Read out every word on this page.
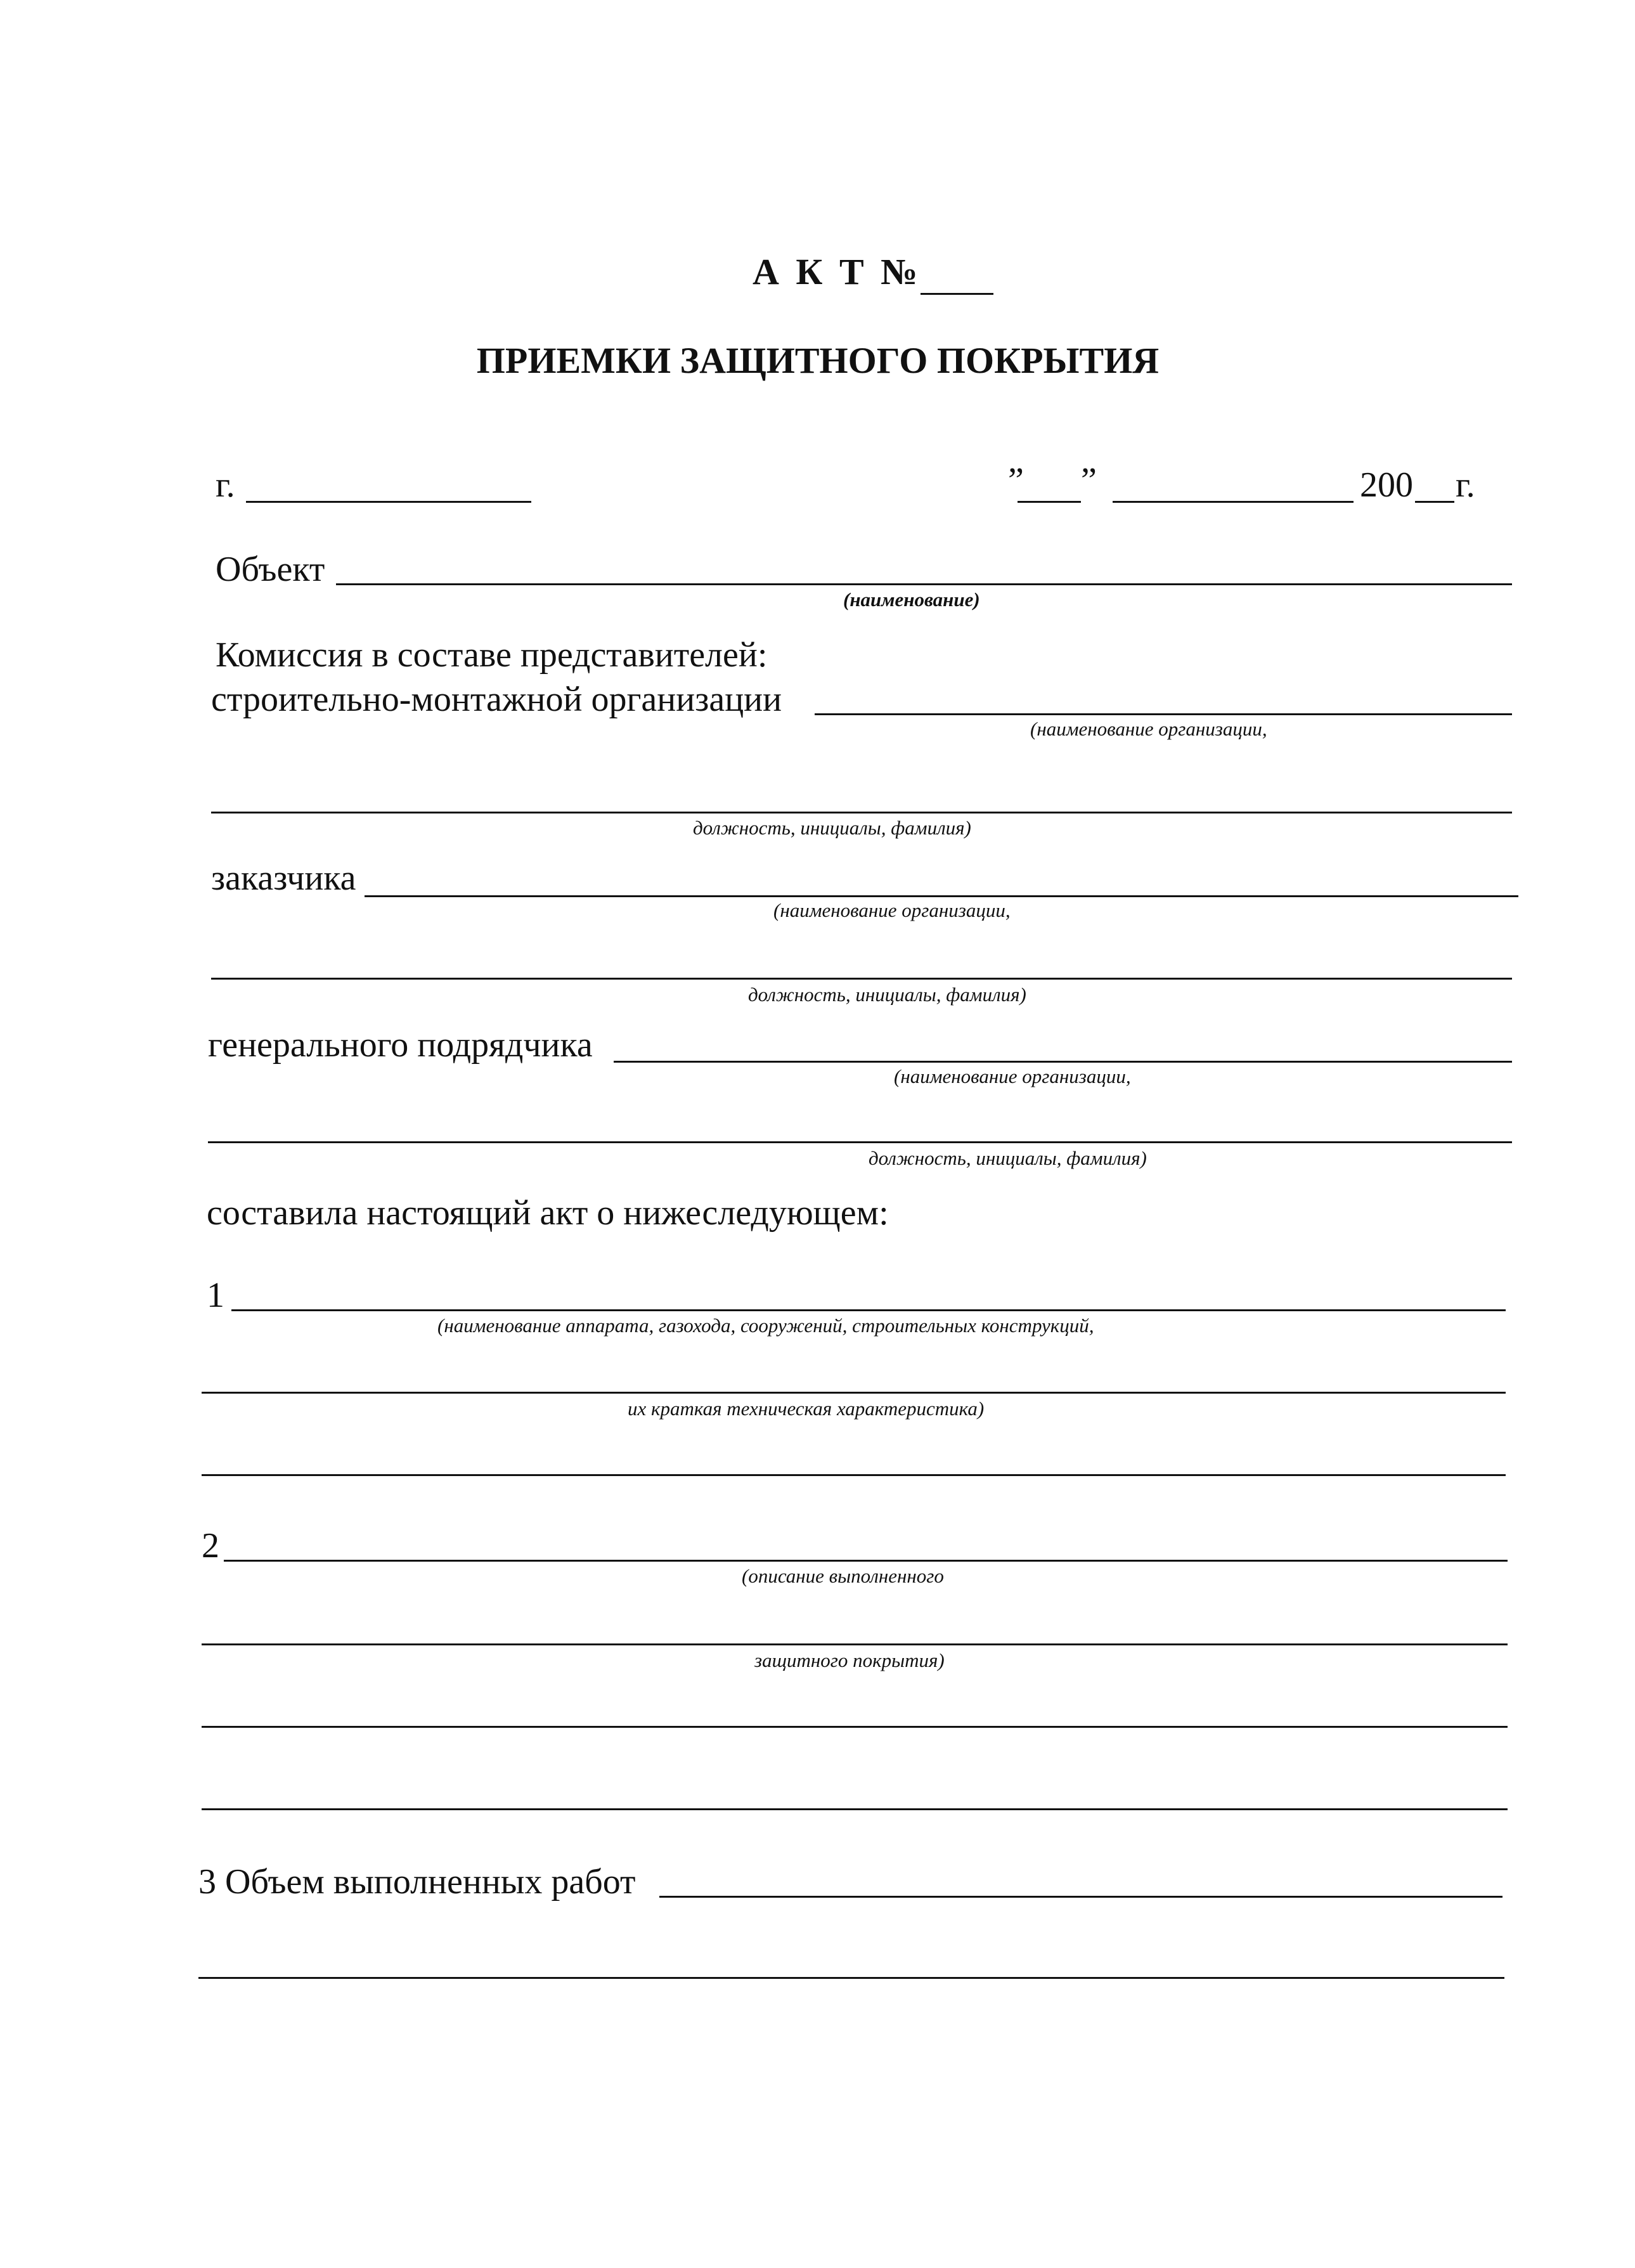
А К Т №
ПРИЕМКИ ЗАЩИТНОГО ПОКРЫТИЯ
г.	” ”	200 г.
Объект
(наименование)
Комиссия в составе представителей:
строительно-монтажной организации
(наименование организации,
должность, инициалы, фамилия)
заказчика
(наименование организации,
должность, инициалы, фамилия)
генерального подрядчика
(наименование организации,
должность, инициалы, фамилия)
составила настоящий акт о нижеследующем:
1
(наименование аппарата, газохода, сооружений, строительных конструкций,
их краткая техническая характеристика)
2
(описание выполненного
защитного покрытия)
3 Объем выполненных работ
